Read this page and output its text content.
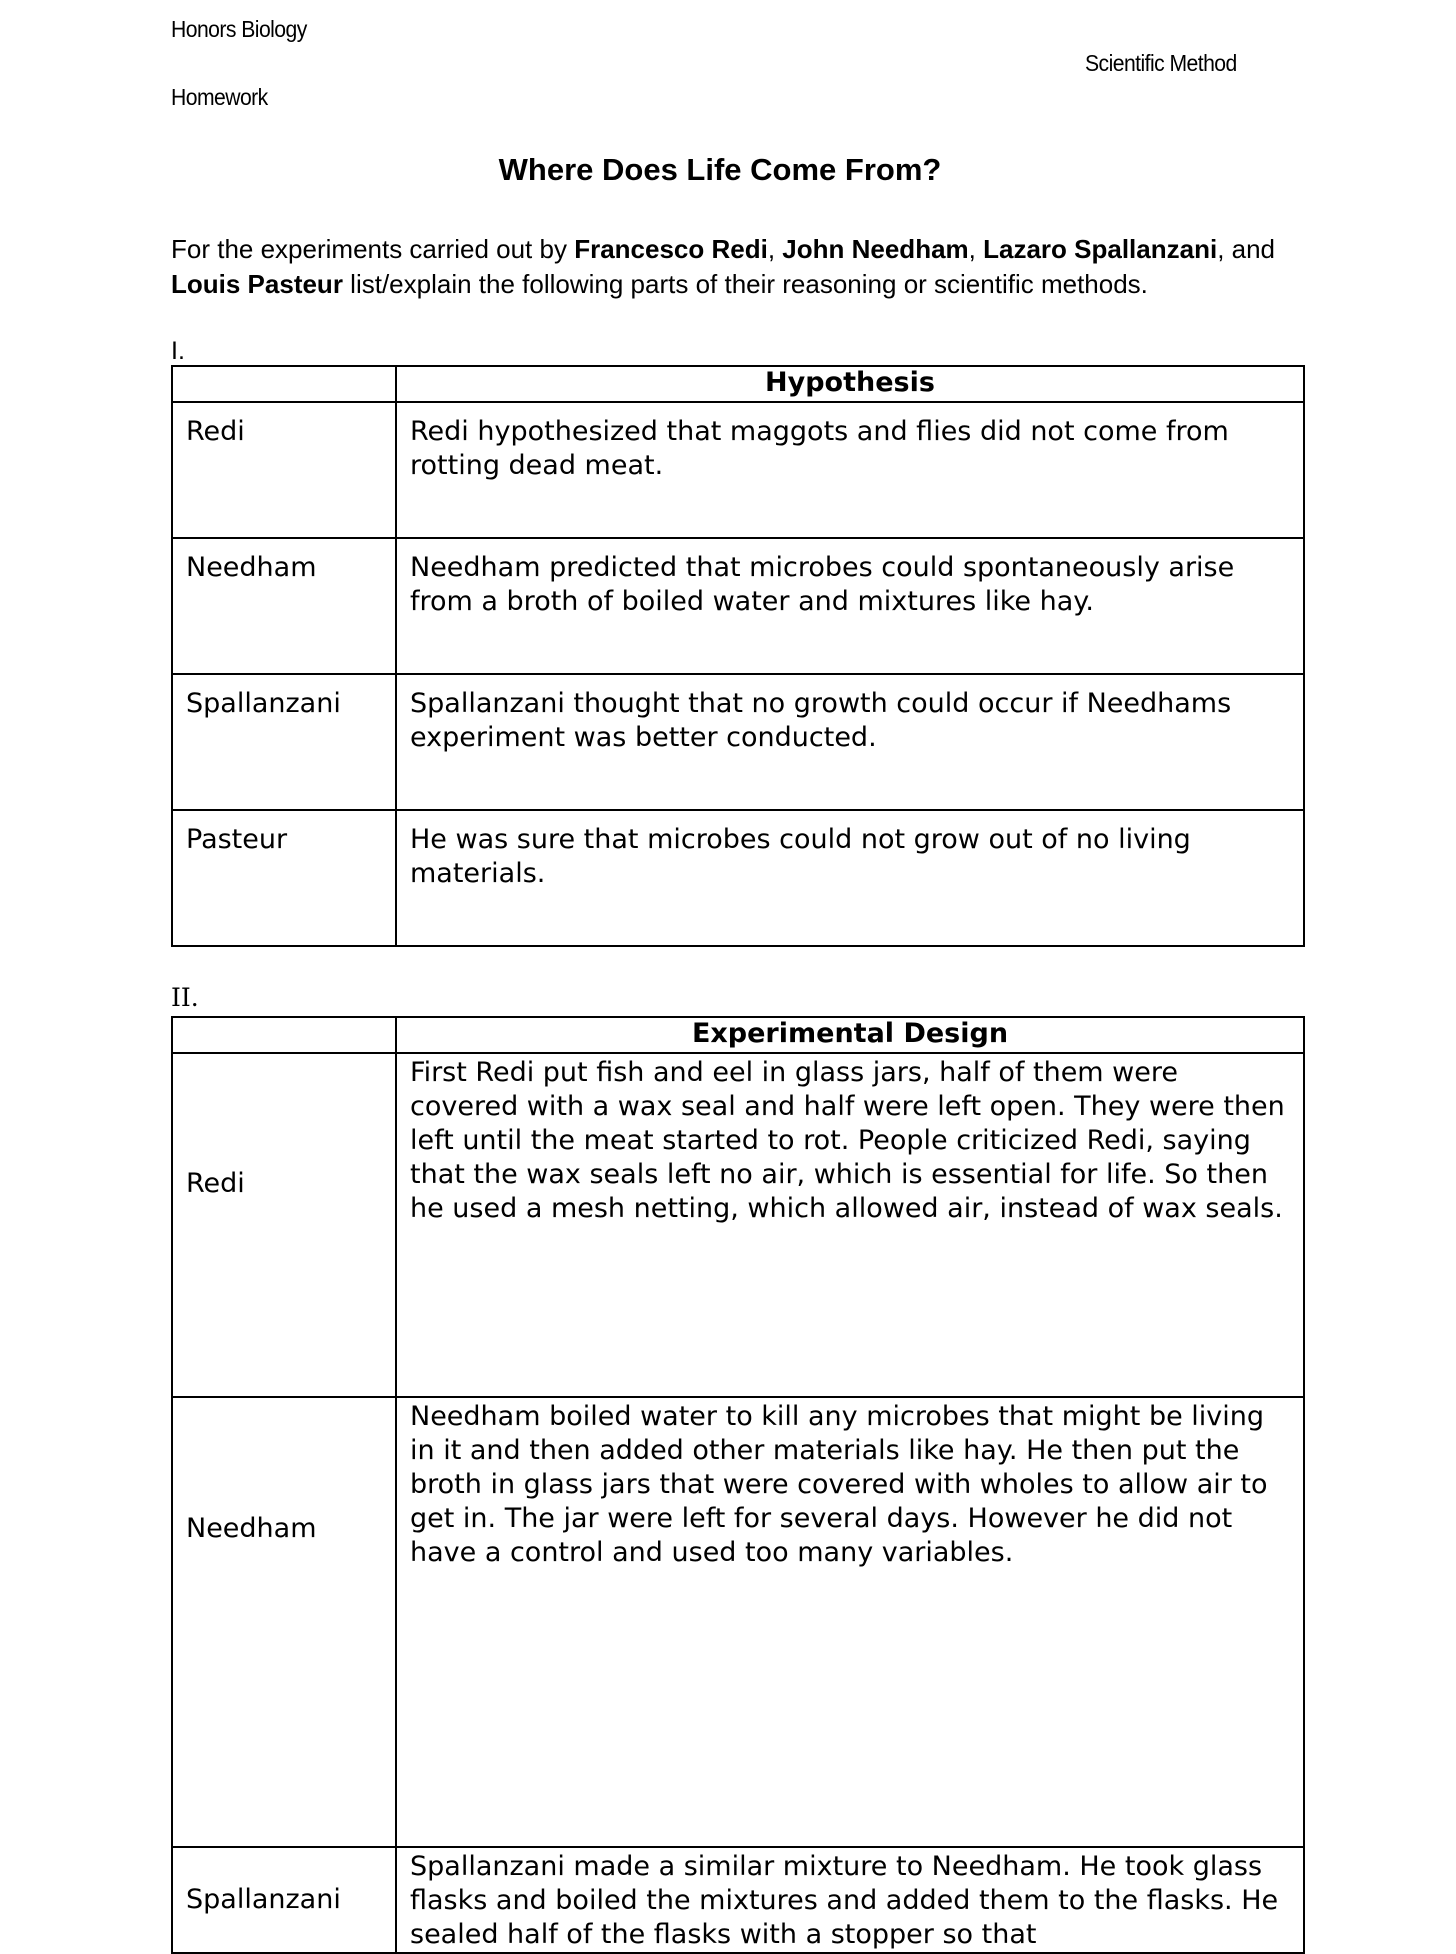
Honors Biology
Homework
Scientific Method
Where Does Life Come From?
For the experiments carried out by Francesco Redi, John Needham, Lazaro Spallanzani, and Louis Pasteur list/explain the following parts of their reasoning or scientific methods.
I.
	Hypothesis
Redi	Redi hypothesized that maggots and flies did not come from rotting dead meat.
Needham	Needham predicted that microbes could spontaneously arise from a broth of boiled water and mixtures like hay.
Spallanzani	Spallanzani thought that no growth could occur if Needhams experiment was better conducted.
Pasteur	He was sure that microbes could not grow out of no living materials.
II.
	Experimental Design
Redi	First Redi put fish and eel in glass jars, half of them were covered with a wax seal and half were left open. They were then left until the meat started to rot. People criticized Redi, saying that the wax seals left no air, which is essential for life. So then he used a mesh netting, which allowed air, instead of wax seals.
Needham	Needham boiled water to kill any microbes that might be living in it and then added other materials like hay. He then put the broth in glass jars that were covered with wholes to allow air to get in. The jar were left for several days. However he did not have a control and used too many variables.
Spallanzani	Spallanzani made a similar mixture to Needham. He took glass flasks and boiled the mixtures and added them to the flasks. He sealed half of the flasks with a stopper so that
